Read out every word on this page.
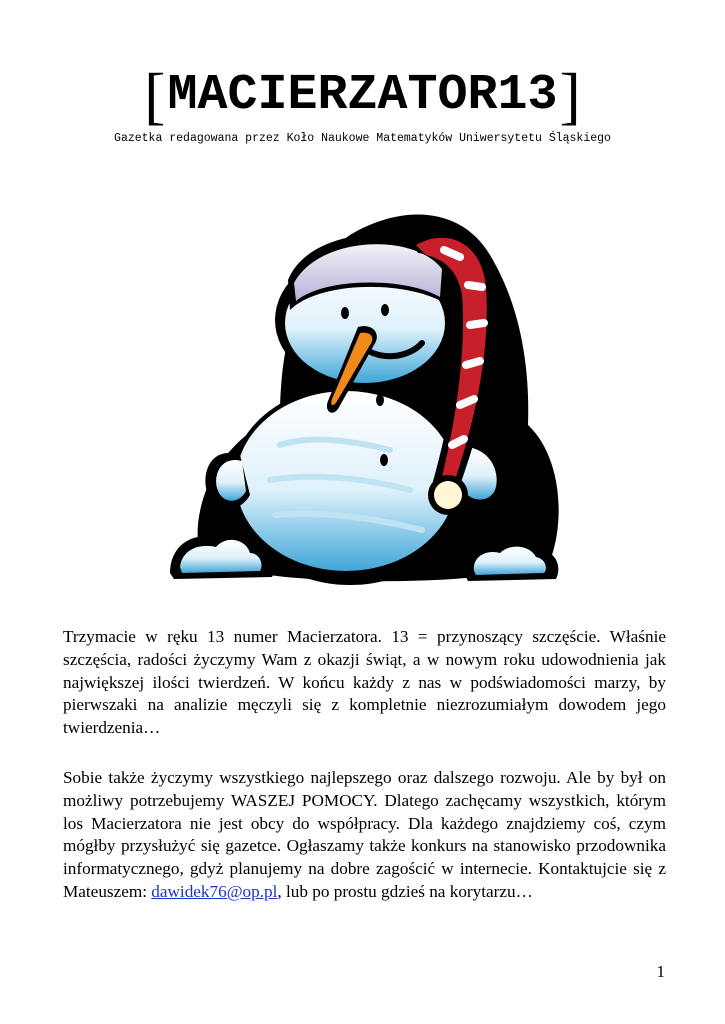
[ MACIERZATOR13 ]
Gazetka redagowana przez Koło Naukowe Matematyków Uniwersytetu Śląskiego
Trzymacie w ręku 13 numer Macierzatora. 13 = przynoszący szczęście. Właśnie szczęścia, radości życzymy Wam z okazji świąt, a w nowym roku udowodnienia jak największej ilości twierdzeń. W końcu każdy z nas w podświadomości marzy, by pierwszaki na analizie męczyli się z kompletnie niezrozumiałym dowodem jego twierdzenia…
Sobie także życzymy wszystkiego najlepszego oraz dalszego rozwoju. Ale by był on możliwy potrzebujemy WASZEJ POMOCY. Dlatego zachęcamy wszystkich, którym los Macierzatora nie jest obcy do współpracy. Dla każdego znajdziemy coś, czym mógłby przysłużyć się gazetce. Ogłaszamy także konkurs na stanowisko przodownika informatycznego, gdyż planujemy na dobre zagościć w internecie. Kontaktujcie się z Mateuszem: dawidek76@op.pl, lub po prostu gdzieś na korytarzu…
1
